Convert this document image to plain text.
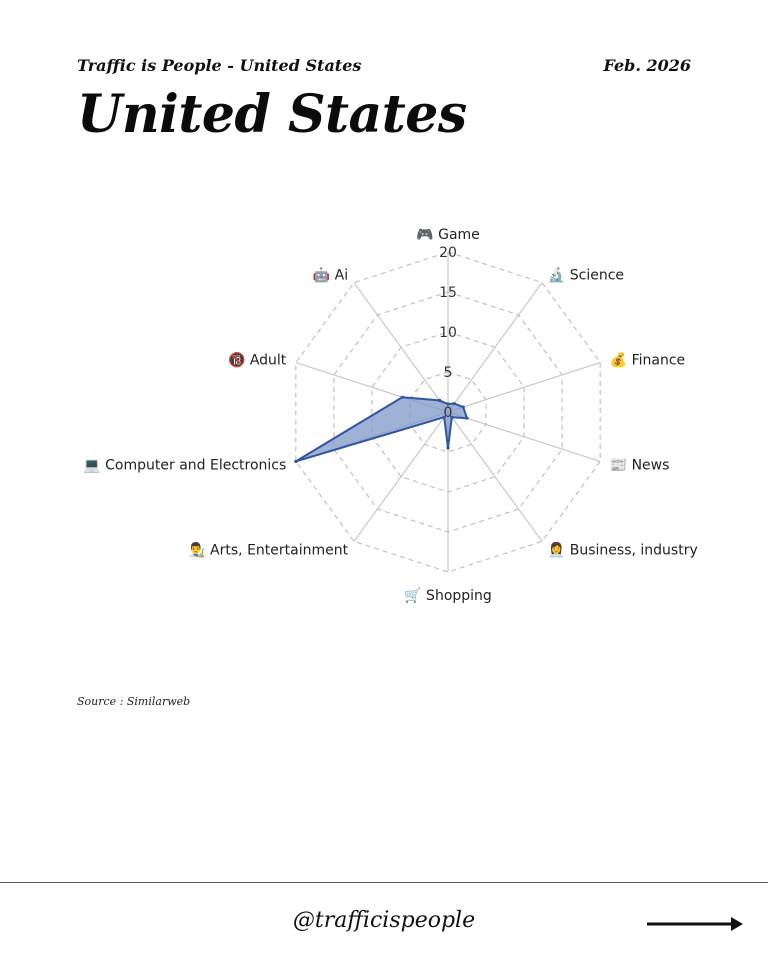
Traffic is People - United States	Feb. 2026
United States
0
5
10
15
20
🎮 Game
🔬 Science
💰 Finance
📰 News
👩‍💼 Business, industry
🛒 Shopping
👨‍🎨 Arts, Entertainment
💻 Computer and Electronics
🔞 Adult
🤖 Ai
Source : Similarweb
@trafficispeople
